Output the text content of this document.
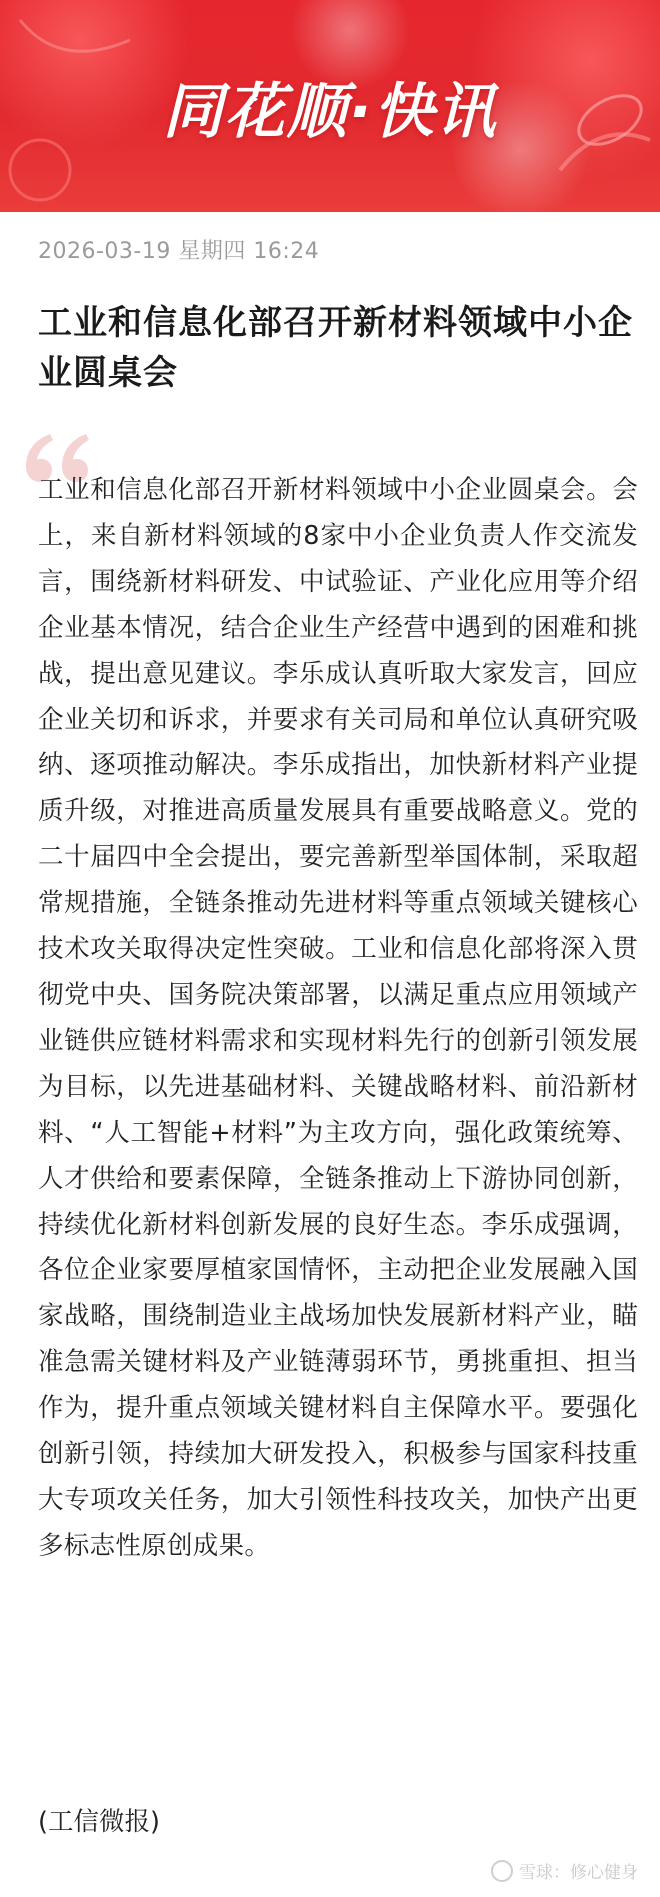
同花顺·快讯
2026-03-19 星期四 16:24
工业和信息化部召开新材料领域中小企业圆桌会

工业和信息化部召开新材料领域中小企业圆桌会。会上，来自新材料领域的8家中小企业负责人作交流发言，围绕新材料研发、中试验证、产业化应用等介绍企业基本情况，结合企业生产经营中遇到的困难和挑战，提出意见建议。李乐成认真听取大家发言，回应企业关切和诉求，并要求有关司局和单位认真研究吸纳、逐项推动解决。李乐成指出，加快新材料产业提质升级，对推进高质量发展具有重要战略意义。党的二十届四中全会提出，要完善新型举国体制，采取超常规措施，全链条推动先进材料等重点领域关键核心技术攻关取得决定性突破。工业和信息化部将深入贯彻党中央、国务院决策部署，以满足重点应用领域产业链供应链材料需求和实现材料先行的创新引领发展为目标，以先进基础材料、关键战略材料、前沿新材料、“人工智能+材料”为主攻方向，强化政策统筹、人才供给和要素保障，全链条推动上下游协同创新，持续优化新材料创新发展的良好生态。李乐成强调，各位企业家要厚植家国情怀，主动把企业发展融入国家战略，围绕制造业主战场加快发展新材料产业，瞄准急需关键材料及产业链薄弱环节，勇挑重担、担当作为，提升重点领域关键材料自主保障水平。要强化创新引领，持续加大研发投入，积极参与国家科技重大专项攻关任务，加大引领性科技攻关，加快产出更多标志性原创成果。

(工信微报)
雪球：修心健身
